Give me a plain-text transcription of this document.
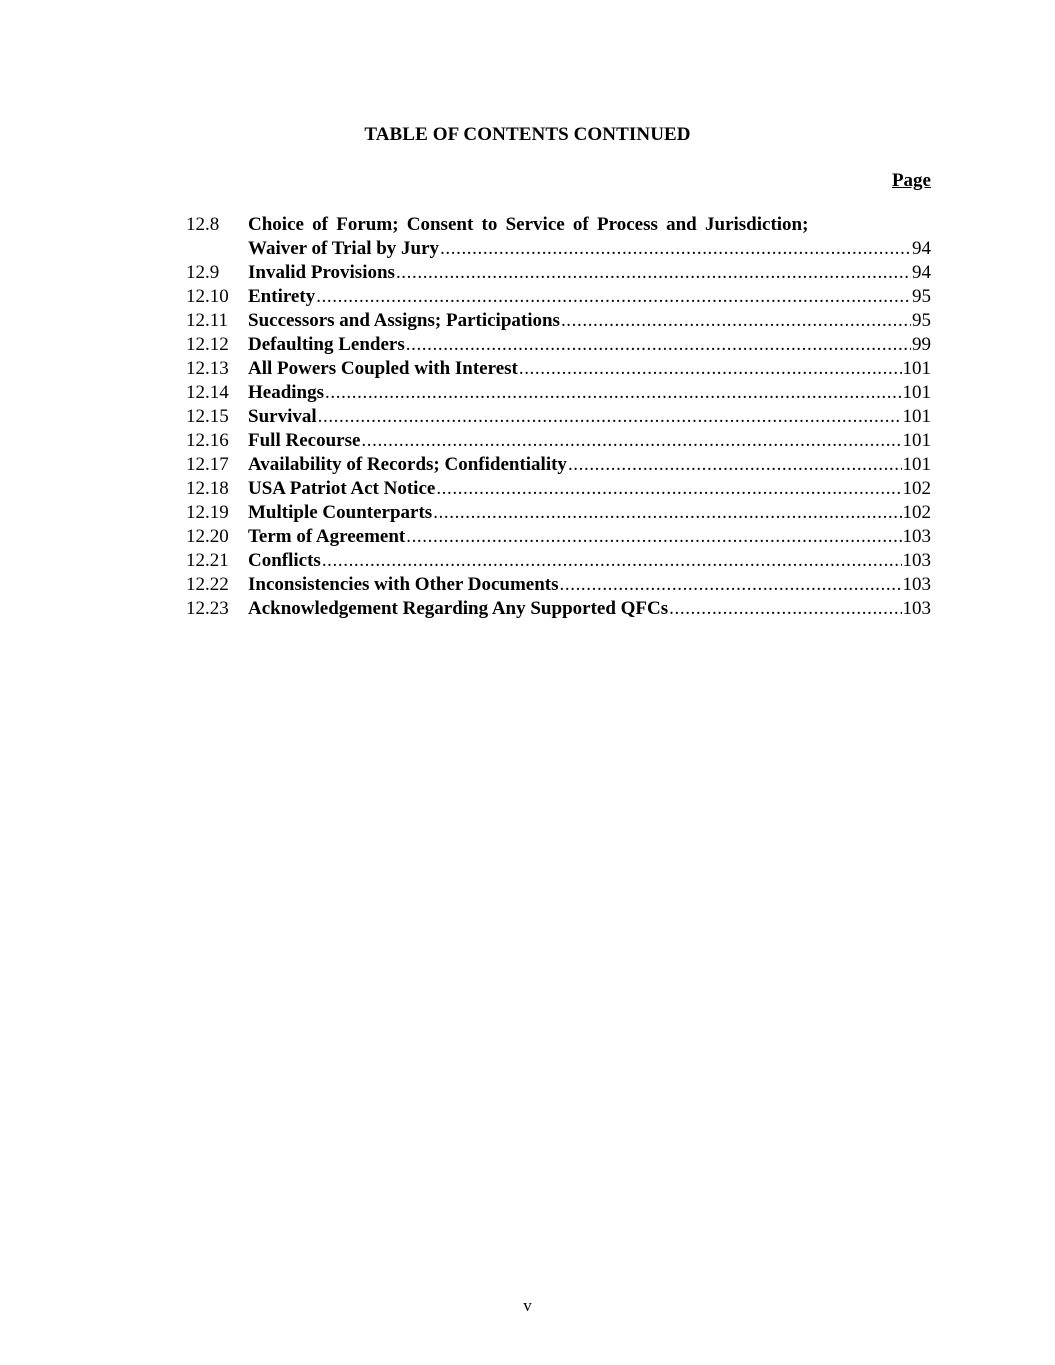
TABLE OF CONTENTS CONTINUED
Page
12.8	Choice of Forum; Consent to Service of Process and Jurisdiction;
Waiver of Trial by Jury .....	94
12.9	Invalid Provisions .....	94
12.10	Entirety .....	95
12.11	Successors and Assigns; Participations .....	95
12.12	Defaulting Lenders .....	99
12.13	All Powers Coupled with Interest .....	101
12.14	Headings .....	101
12.15	Survival .....	101
12.16	Full Recourse .....	101
12.17	Availability of Records; Confidentiality .....	101
12.18	USA Patriot Act Notice .....	102
12.19	Multiple Counterparts .....	102
12.20	Term of Agreement .....	103
12.21	Conflicts .....	103
12.22	Inconsistencies with Other Documents .....	103
12.23	Acknowledgement Regarding Any Supported QFCs .....	103
v
